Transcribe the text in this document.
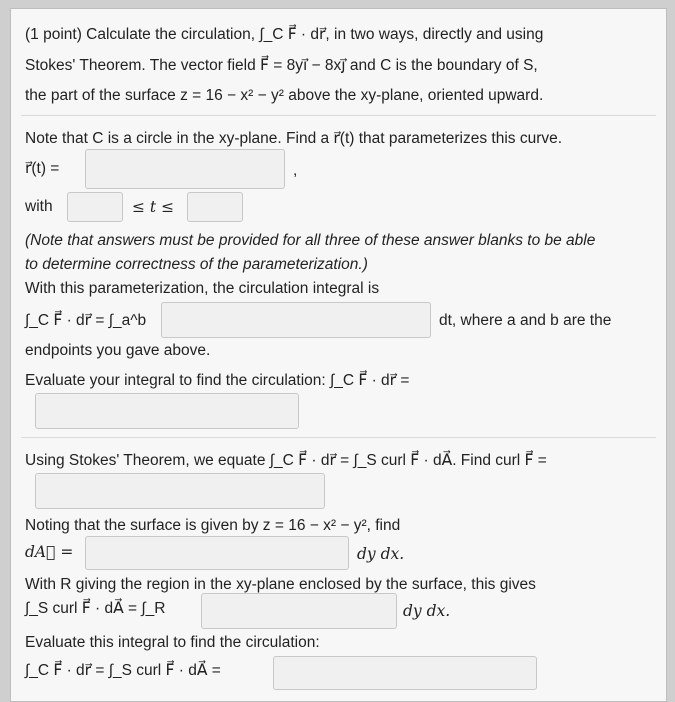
(1 point) Calculate the circulation, ∫_C F⃗ · dr⃗, in two ways, directly and using
Stokes' Theorem. The vector field F⃗ = 8yi⃗ − 8xj⃗ and C is the boundary of S,
the part of the surface z = 16 − x² − y² above the xy-plane, oriented upward.
Note that C is a circle in the xy-plane. Find a r⃗(t) that parameterizes this curve.
r⃗(t) =	,
with	≤ t ≤
(Note that answers must be provided for all three of these answer blanks to be able
to determine correctness of the parameterization.)
With this parameterization, the circulation integral is
∫_C F⃗ · dr⃗ = ∫_a^b	dt, where a and b are the
endpoints you gave above.
Evaluate your integral to find the circulation: ∫_C F⃗ · dr⃗ =
Using Stokes' Theorem, we equate ∫_C F⃗ · dr⃗ = ∫_S curl F⃗ · dA⃗. Find curl F⃗ =
Noting that the surface is given by z = 16 − x² − y², find
dA⃗ =	dy dx.
With R giving the region in the xy-plane enclosed by the surface, this gives
∫_S curl F⃗ · dA⃗ = ∫_R	dy dx.
Evaluate this integral to find the circulation:
∫_C F⃗ · dr⃗ = ∫_S curl F⃗ · dA⃗ =
